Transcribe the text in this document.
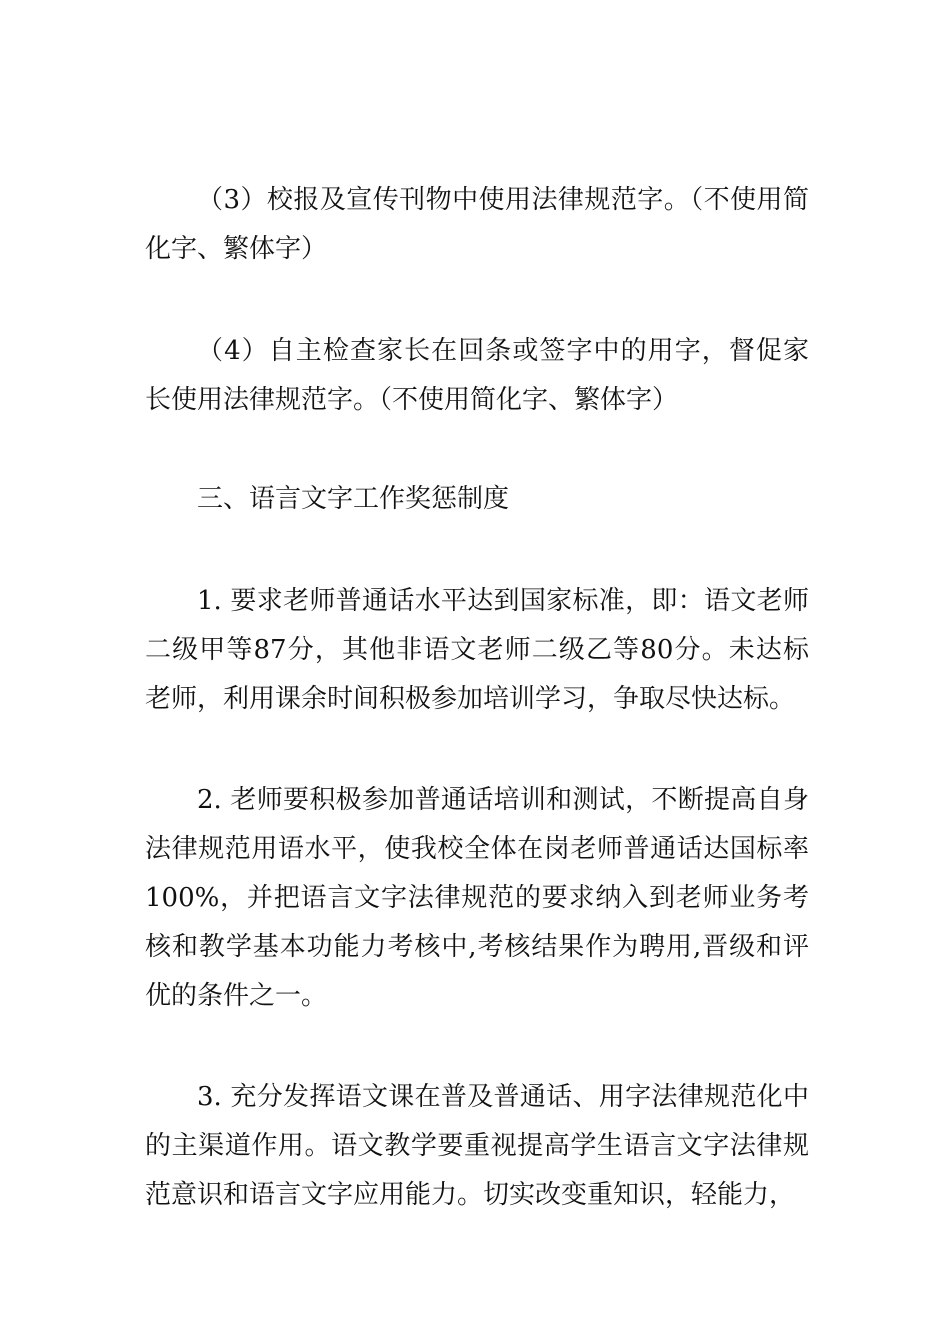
（3）校报及宣传刊物中使用法律规范字。（不使用简化字、繁体字）

（4）自主检查家长在回条或签字中的用字，督促家长使用法律规范字。（不使用简化字、繁体字）

三、语言文字工作奖惩制度

1. 要求老师普通话水平达到国家标准，即：语文老师二级甲等87分，其他非语文老师二级乙等80分。未达标老师，利用课余时间积极参加培训学习，争取尽快达标。

2. 老师要积极参加普通话培训和测试，不断提高自身法律规范用语水平，使我校全体在岗老师普通话达国标率100%，并把语言文字法律规范的要求纳入到老师业务考核和教学基本功能力考核中,考核结果作为聘用,晋级和评优的条件之一。

3. 充分发挥语文课在普及普通话、用字法律规范化中的主渠道作用。语文教学要重视提高学生语言文字法律规范意识和语言文字应用能力。切实改变重知识，轻能力，
